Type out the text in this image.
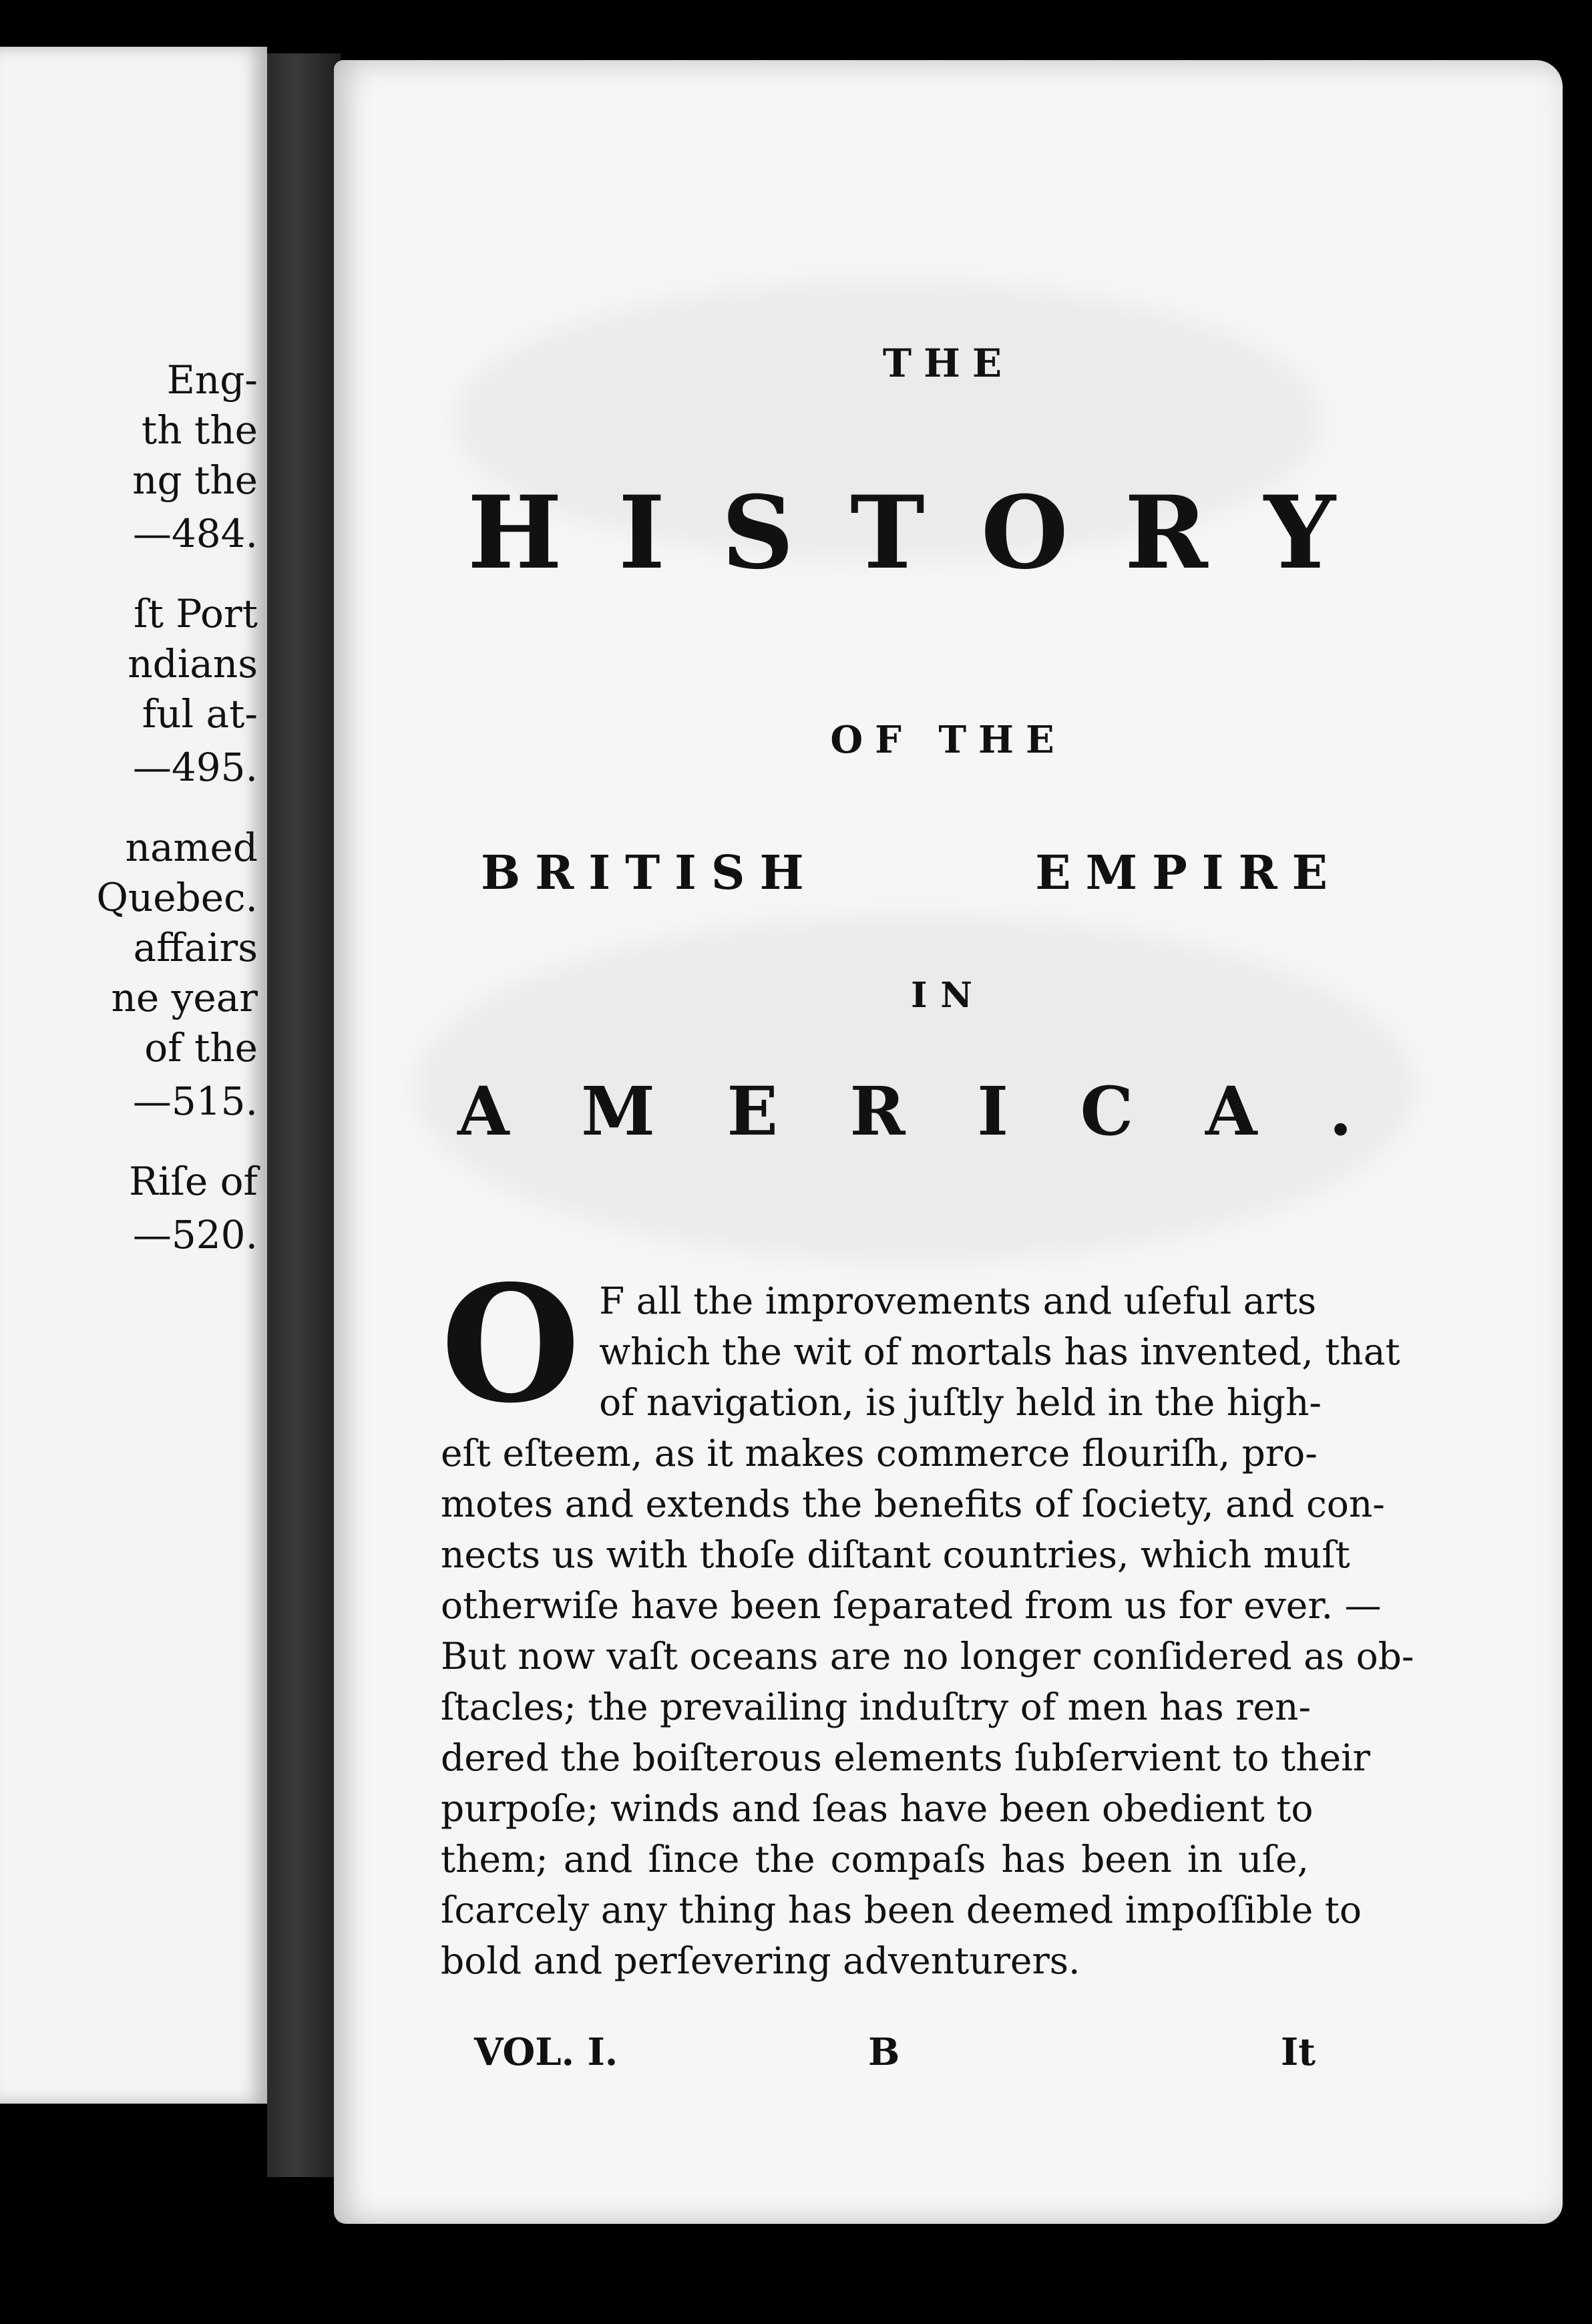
Eng-
th the
ng the
—484.
ſt Port
ndians
ful at-
—495.
named
Quebec.
affairs
ne year
of the
—515.
Riſe of
—520.
THE
H I S T O R Y
OF THE
BRITISH	EMPIRE
IN
A M E R I C A .
O F all the improvements and uſeful arts
which the wit of mortals has invented, that
of navigation, is juſtly held in the high-
eſt eſteem, as it makes commerce flouriſh, pro-
motes and extends the benefits of ſociety, and con-
nects us with thoſe diſtant countries, which muſt
otherwiſe have been ſeparated from us for ever. —
But now vaſt oceans are no longer conſidered as ob-
ſtacles; the prevailing induſtry of men has ren-
dered the boiſterous elements ſubſervient to their
purpoſe; winds and ſeas have been obedient to
them; and ſince the compaſs has been in uſe,
ſcarcely any thing has been deemed impoſſible to
bold and perſevering adventurers.
VOL. I.	B	It
